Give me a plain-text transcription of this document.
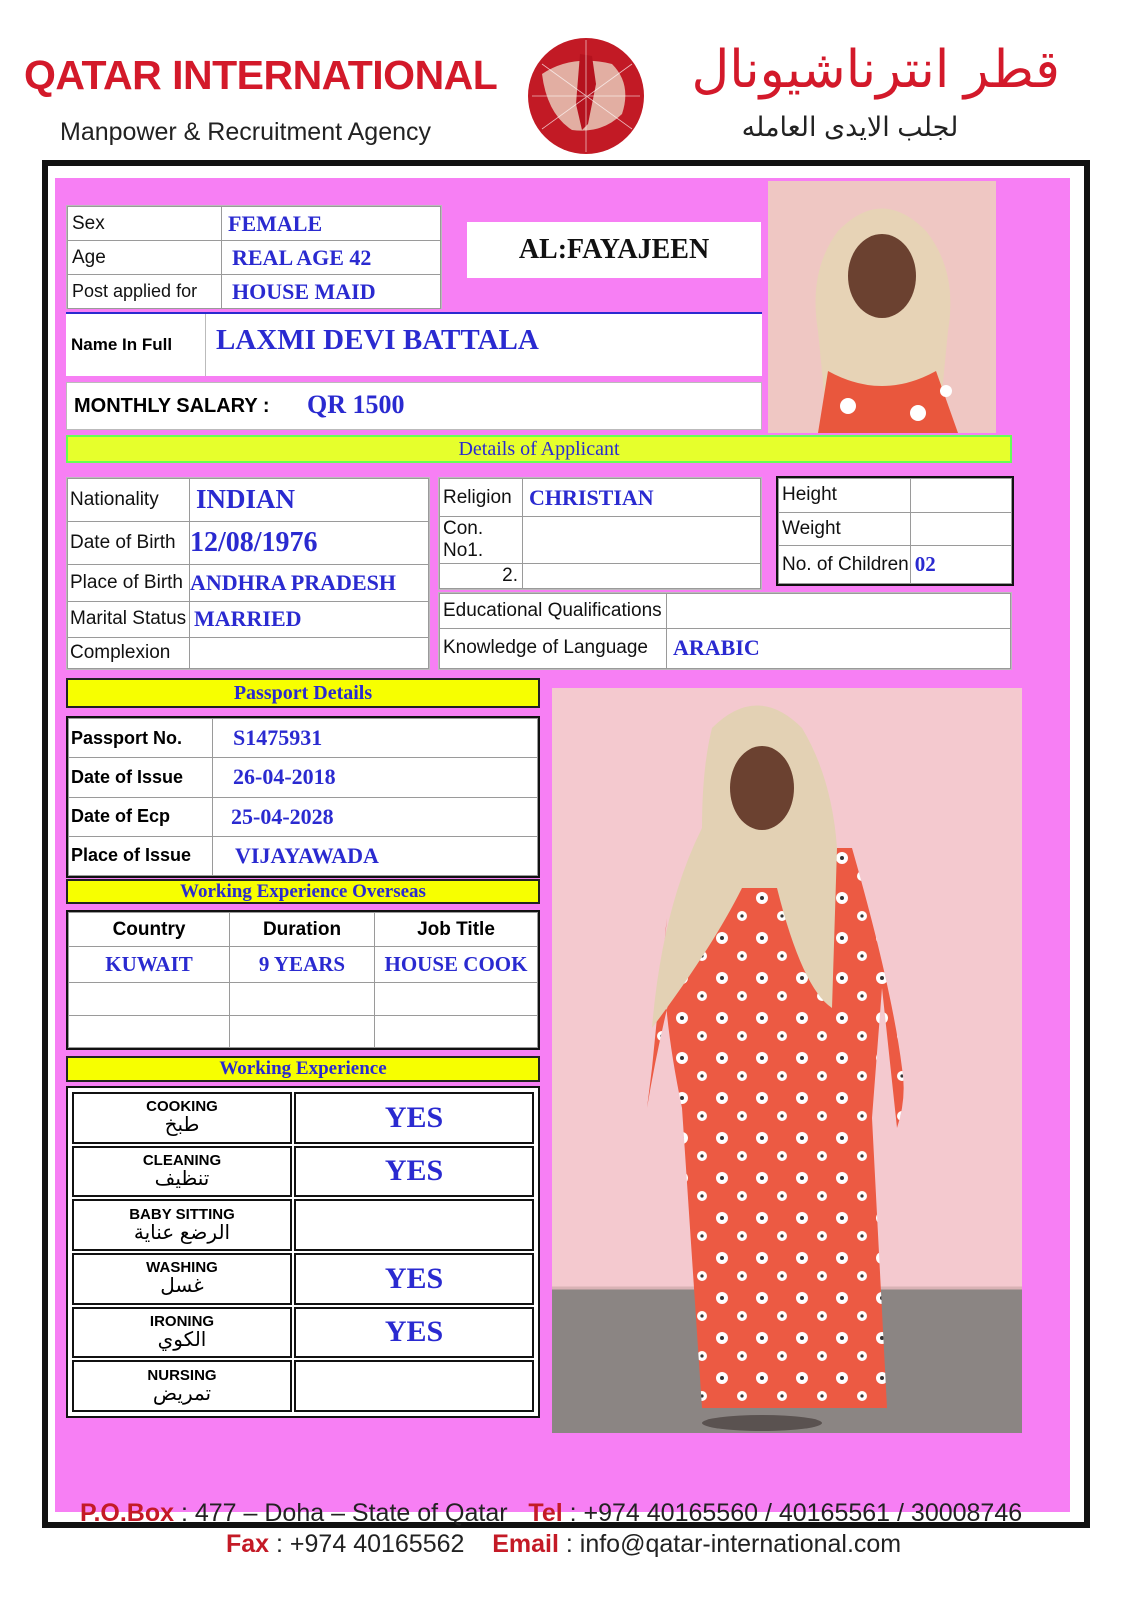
QATAR INTERNATIONAL
Manpower & Recruitment Agency
قطر انترناشيونال
لجلب الايدى العامله
Sex	FEMALE
Age	REAL AGE 42
Post applied for	HOUSE MAID
AL:FAYAJEEN
Name In Full	LAXMI DEVI BATTALA
MONTHLY SALARY : QR 1500
Details of Applicant
Nationality	INDIAN
Date of Birth	12/08/1976
Place of Birth	ANDHRA PRADESH
Marital Status	MARRIED
Complexion	
Religion	CHRISTIAN
Con. No1.	
2.	
Height	
Weight	
No. of Children	02
Educational Qualifications	
Knowledge of Language	ARABIC
Passport Details
Passport No.	S1475931
Date of Issue	26-04-2018
Date of Ecp	25-04-2028
Place of Issue	VIJAYAWADA
Working Experience Overseas
Country	Duration	Job Title
KUWAIT	9 YEARS	HOUSE COOK

Working Experience
COOKING
طبخ	YES

CLEANING
تنظيف	YES

BABY SITTING
الرضع عناية	

WASHING
غسل	YES

IRONING
الكوي	YES

NURSING
تمريض	

P.O.Box : 477 – Doha – State of Qatar Tel : +974 40165560 / 40165561 / 30008746
Fax : +974 40165562 Email : info@qatar-international.com
